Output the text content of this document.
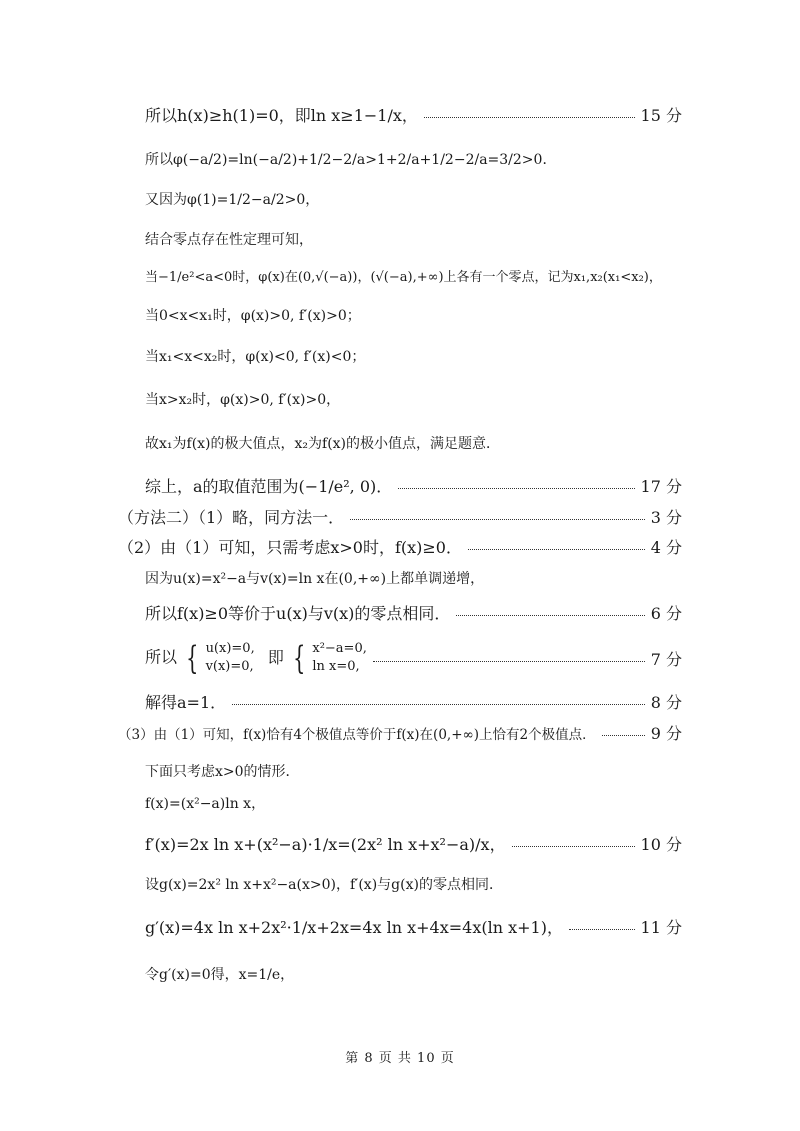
所以h(x)≥h(1)=0，即ln x≥1−1/x，	15 分
所以φ(−a/2)=ln(−a/2)+1/2−2/a>1+2/a+1/2−2/a=3/2>0．
又因为φ(1)=1/2−a/2>0，
结合零点存在性定理可知，
当−1/e²<a<0时，φ(x)在(0,√(−a))，(√(−a),+∞)上各有一个零点，记为x₁,x₂(x₁<x₂)，
当0<x<x₁时，φ(x)>0, f′(x)>0；
当x₁<x<x₂时，φ(x)<0, f′(x)<0；
当x>x₂时，φ(x)>0, f′(x)>0，
故x₁为f(x)的极大值点，x₂为f(x)的极小值点，满足题意．
综上，a的取值范围为(−1/e², 0)．	17 分
（方法二）（1）略，同方法一．	3 分
（2）由（1）可知，只需考虑x>0时，f(x)≥0．	4 分
因为u(x)=x²−a与v(x)=ln x在(0,+∞)上都单调递增，
所以f(x)≥0等价于u(x)与v(x)的零点相同．	6 分
所以 { u(x)=0,
v(x)=0, 即 { x²−a=0,
ln x=0,	7 分
解得a=1．	8 分
（3）由（1）可知，f(x)恰有4个极值点等价于f(x)在(0,+∞)上恰有2个极值点．	9 分
下面只考虑x>0的情形．
f(x)=(x²−a)ln x，
f′(x)=2x ln x+(x²−a)·1/x=(2x² ln x+x²−a)/x，	10 分
设g(x)=2x² ln x+x²−a(x>0)，f′(x)与g(x)的零点相同．
g′(x)=4x ln x+2x²·1/x+2x=4x ln x+4x=4x(ln x+1)，	11 分
令g′(x)=0得，x=1/e，
第 8 页 共 10 页
